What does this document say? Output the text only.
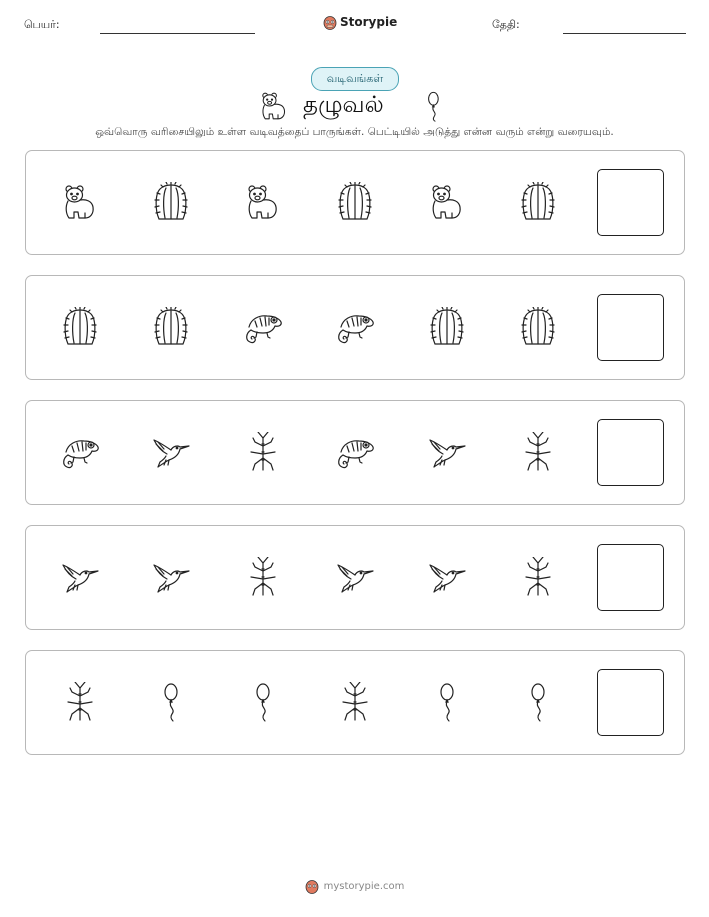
பெயர்:	Storypie	தேதி:
வடிவங்கள்
தழுவல்
ஒவ்வொரு வரிசையிலும் உள்ள வடிவத்தைப் பாருங்கள். பெட்டியில் அடுத்து என்ன வரும் என்று வரையவும்.
mystorypie.com
